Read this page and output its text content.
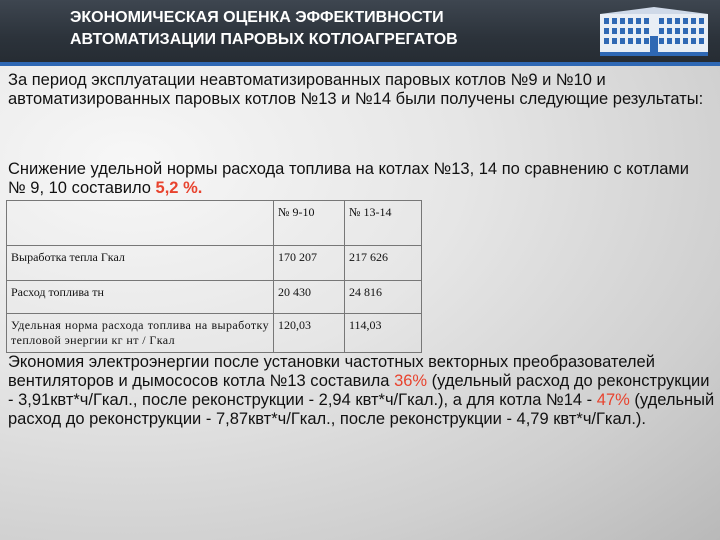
ЭКОНОМИЧЕСКАЯ ОЦЕНКА ЭФФЕКТИВНОСТИ
АВТОМАТИЗАЦИИ ПАРОВЫХ КОТЛОАГРЕГАТОВ
За период эксплуатации неавтоматизированных паровых котлов №9 и №10 и автоматизированных паровых котлов №13 и №14 были получены следующие результаты:
Снижение удельной нормы расхода топлива на котлах №13, 14 по сравнению с котлами № 9, 10 составило 5,2 %.
	№ 9-10	№ 13-14
Выработка тепла Гкал	170 207	217 626
Расход топлива тн	20 430	24 816
Удельная норма расхода топлива на выработку тепловой энергии кг нт / Гкал	120,03	114,03
Экономия электроэнергии после установки частотных векторных преобразователей вентиляторов и дымососов котла №13 составила 36% (удельный расход до реконструкции - 3,91квт*ч/Гкал., после реконструкции - 2,94 квт*ч/Гкал.), а для котла №14 - 47% (удельный расход до реконструкции - 7,87квт*ч/Гкал., после реконструкции - 4,79 квт*ч/Гкал.).
